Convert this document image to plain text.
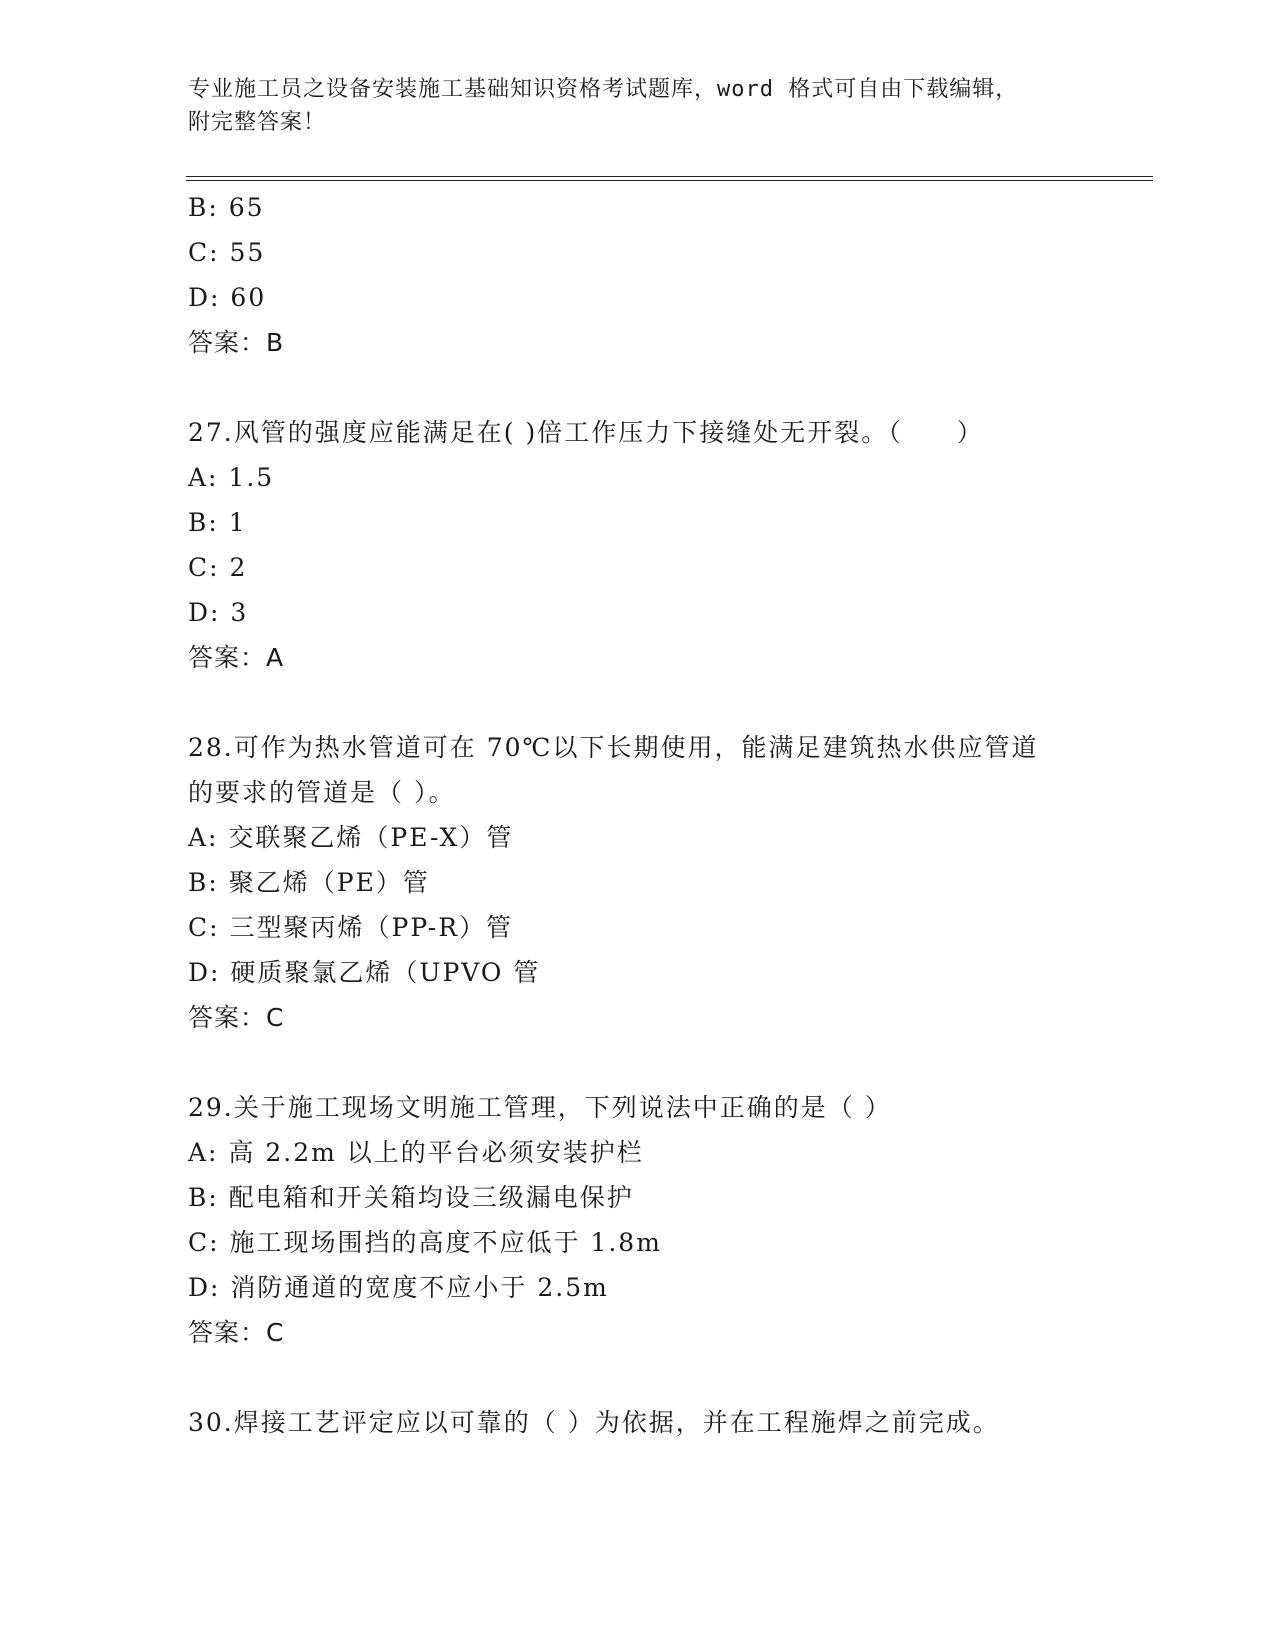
专业施工员之设备安装施工基础知识资格考试题库，word 格式可自由下载编辑，
附完整答案！
B: 65
C: 55
D: 60
答案：B
27.风管的强度应能满足在( )倍工作压力下接缝处无开裂。（　　）
A: 1.5
B: 1
C: 2
D: 3
答案：A
28.可作为热水管道可在 70℃以下长期使用，能满足建筑热水供应管道
的要求的管道是（ ）。
A: 交联聚乙烯（PE-X）管
B: 聚乙烯（PE）管
C: 三型聚丙烯（PP-R）管
D: 硬质聚氯乙烯（UPVO 管
答案：C
29.关于施工现场文明施工管理，下列说法中正确的是（ ）
A: 高 2.2m 以上的平台必须安装护栏
B: 配电箱和开关箱均设三级漏电保护
C: 施工现场围挡的高度不应低于 1.8m
D: 消防通道的宽度不应小于 2.5m
答案：C
30.焊接工艺评定应以可靠的（ ）为依据，并在工程施焊之前完成。
